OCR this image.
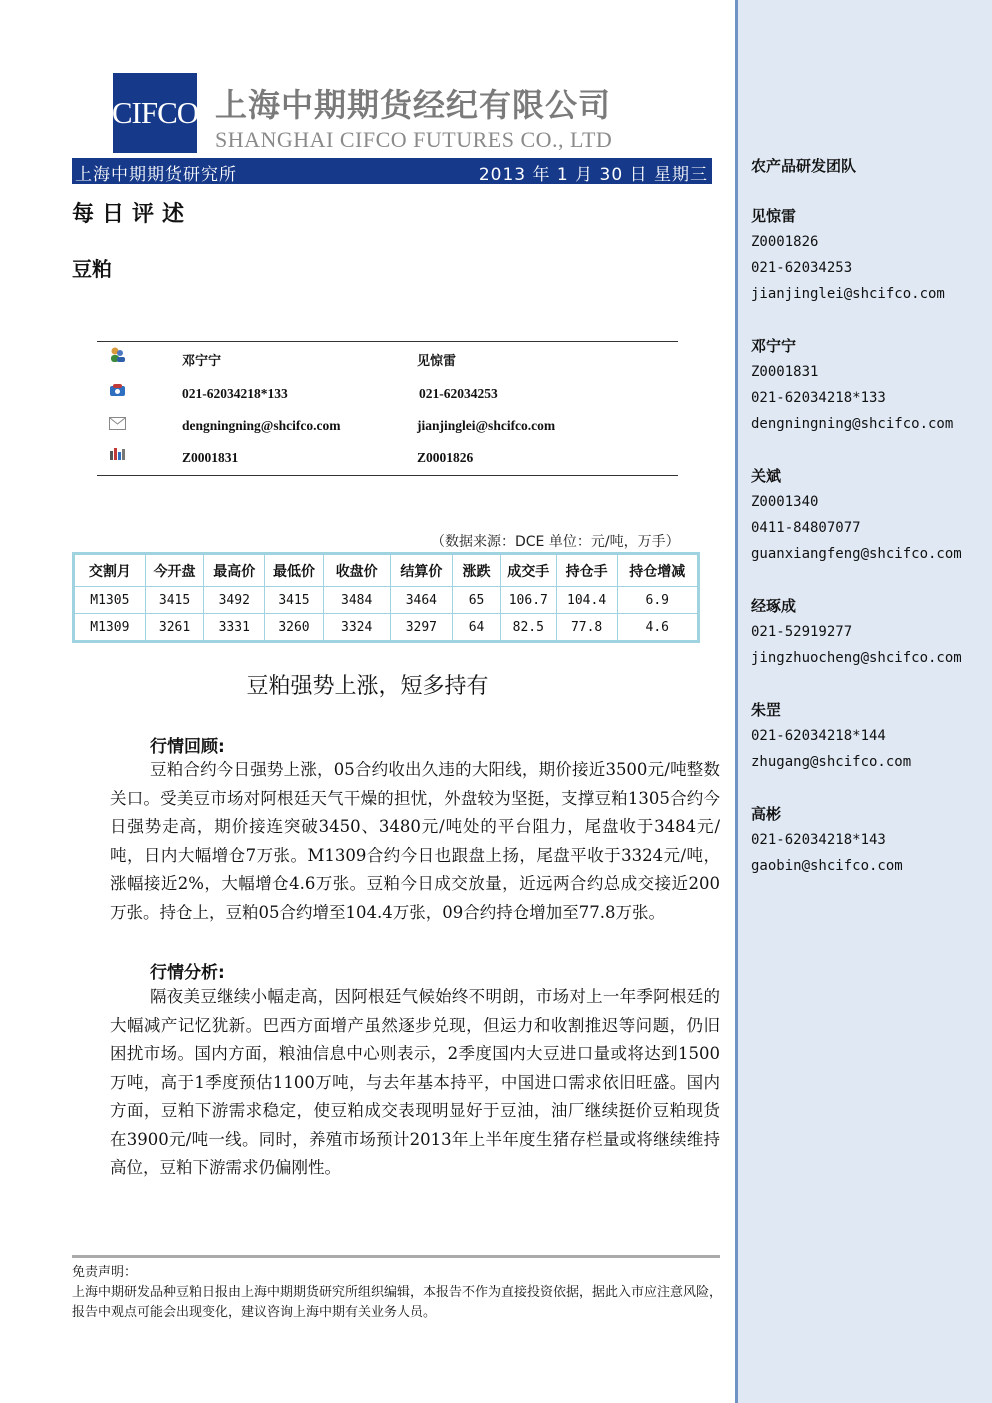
CIFCO 上海中期期货经纪有限公司
SHANGHAI CIFCO FUTURES CO., LTD
上海中期期货研究所	2013 年 1 月 30 日 星期三
每日评述
豆粕
邓宁宁	见惊雷
021-62034218*133	021-62034253
dengningning@shcifco.com	jianjinglei@shcifco.com
Z0001831	Z0001826
（数据来源：DCE 单位：元/吨，万手）
交割月	今开盘	最高价	最低价	收盘价	结算价	涨跌	成交手	持仓手	持仓增减
M1305	3415	3492	3415	3484	3464	65	106.7	104.4	6.9
M1309	3261	3331	3260	3324	3297	64	82.5	77.8	4.6
豆粕强势上涨，短多持有
行情回顾:
豆粕合约今日强势上涨，05合约收出久违的大阳线，期价接近3500元/吨整数关口。受美豆市场对阿根廷天气干燥的担忧，外盘较为坚挺，支撑豆粕1305合约今日强势走高，期价接连突破3450、3480元/吨处的平台阻力，尾盘收于3484元/吨，日内大幅增仓7万张。M1309合约今日也跟盘上扬，尾盘平收于3324元/吨，涨幅接近2%，大幅增仓4.6万张。豆粕今日成交放量，近远两合约总成交接近200万张。持仓上，豆粕05合约增至104.4万张，09合约持仓增加至77.8万张。
行情分析:
隔夜美豆继续小幅走高，因阿根廷气候始终不明朗，市场对上一年季阿根廷的大幅减产记忆犹新。巴西方面增产虽然逐步兑现，但运力和收割推迟等问题，仍旧困扰市场。国内方面，粮油信息中心则表示，2季度国内大豆进口量或将达到1500万吨，高于1季度预估1100万吨，与去年基本持平，中国进口需求依旧旺盛。国内方面，豆粕下游需求稳定，使豆粕成交表现明显好于豆油，油厂继续挺价豆粕现货在3900元/吨一线。同时，养殖市场预计2013年上半年度生猪存栏量或将继续维持高位，豆粕下游需求仍偏刚性。
免责声明：
上海中期研发品种豆粕日报由上海中期期货研究所组织编辑，本报告不作为直接投资依据，据此入市应注意风险，报告中观点可能会出现变化，建议咨询上海中期有关业务人员。
农产品研发团队
见惊雷
Z0001826
021-62034253
jianjinglei@shcifco.com
邓宁宁
Z0001831
021-62034218*133
dengningning@shcifco.com
关斌
Z0001340
0411-84807077
guanxiangfeng@shcifco.com
经琢成
021-52919277
jingzhuocheng@shcifco.com
朱罡
021-62034218*144
zhugang@shcifco.com
高彬
021-62034218*143
gaobin@shcifco.com
